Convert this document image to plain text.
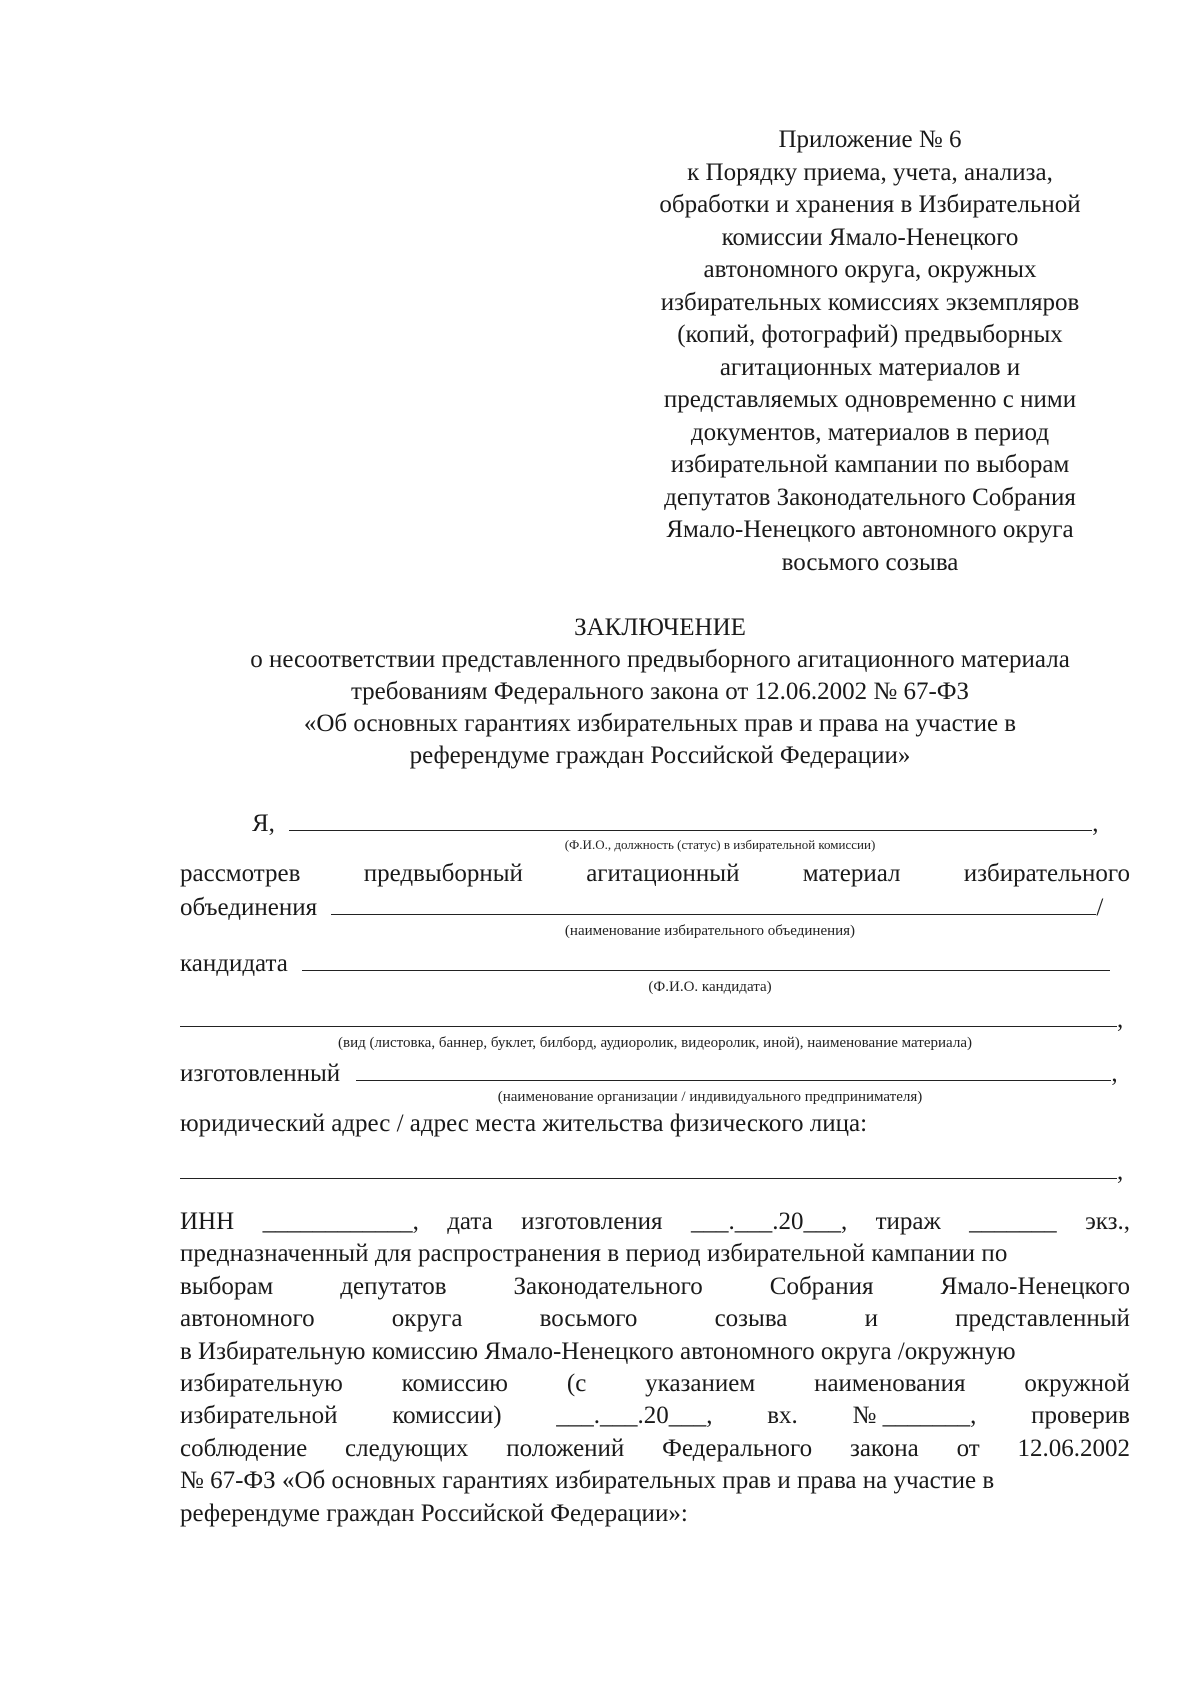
Приложение № 6
к Порядку приема, учета, анализа,
обработки и хранения в Избирательной
комиссии Ямало-Ненецкого
автономного округа, окружных
избирательных комиссиях экземпляров
(копий, фотографий) предвыборных
агитационных материалов и
представляемых одновременно с ними
документов, материалов в период
избирательной кампании по выборам
депутатов Законодательного Собрания
Ямало-Ненецкого автономного округа
восьмого созыва
ЗАКЛЮЧЕНИЕ
о несоответствии представленного предвыборного агитационного материала
требованиям Федерального закона от 12.06.2002 № 67-ФЗ
«Об основных гарантиях избирательных прав и права на участие в
референдуме граждан Российской Федерации»
Я,	,
(Ф.И.О., должность (статус) в избирательной комиссии)
рассмотрев	предвыборный	агитационный	материал	избирательного
объединения	/
(наименование избирательного объединения)
кандидата
(Ф.И.О. кандидата)
,
(вид (листовка, баннер, буклет, билборд, аудиоролик, видеоролик, иной), наименование материала)
изготовленный	,
(наименование организации / индивидуального предпринимателя)
юридический адрес / адрес места жительства физического лица:
,
ИНН ____________, дата изготовления ___.___.20___, тираж _______ экз.,
предназначенный для распространения в период избирательной кампании по
выборам	депутатов	Законодательного	Собрания	Ямало-Ненецкого
автономного	округа	восьмого	созыва	и	представленный
в Избирательную комиссию Ямало-Ненецкого автономного округа /окружную
избирательную комиссию (с указанием наименования окружной
избирательной комиссии) ___.___.20___, вх. № _______, проверив
соблюдение следующих положений Федерального закона от 12.06.2002
№ 67-ФЗ «Об основных гарантиях избирательных прав и права на участие в
референдуме граждан Российской Федерации»:
